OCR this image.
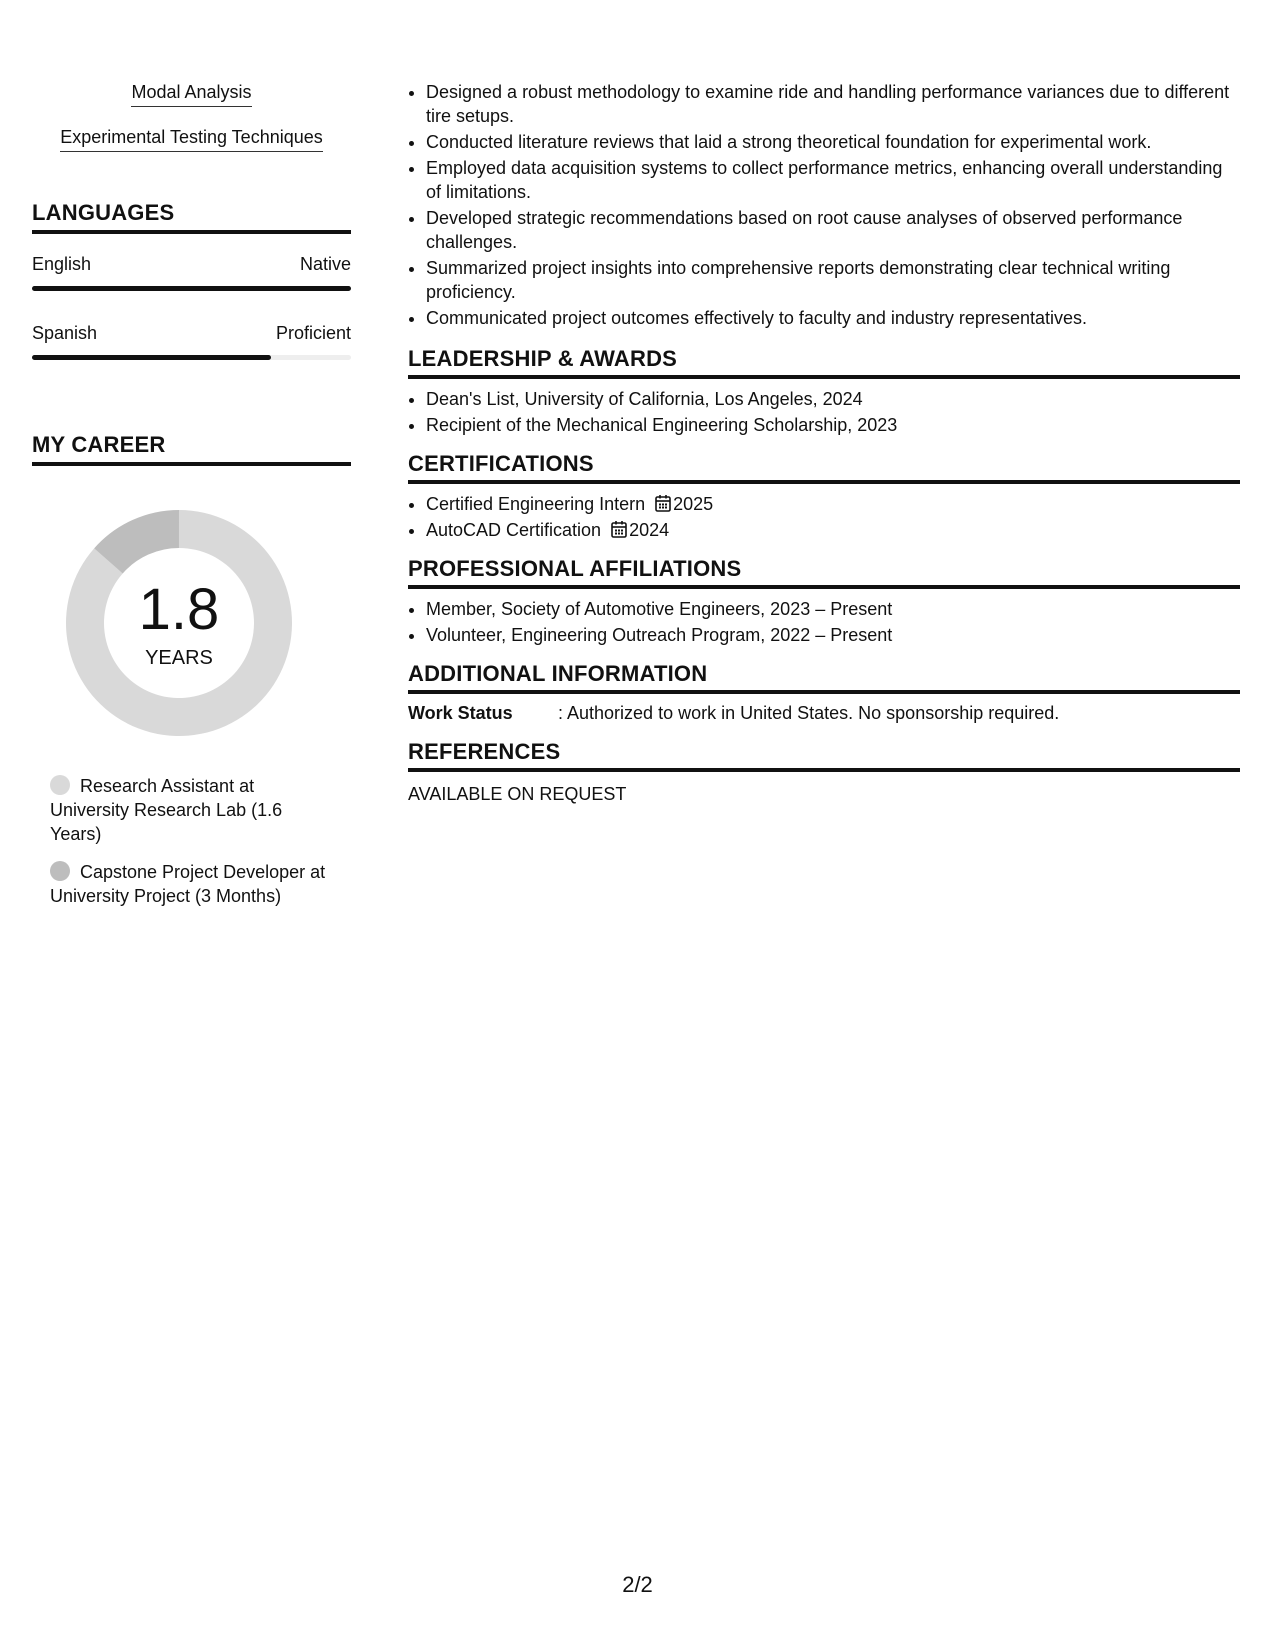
Modal Analysis
Experimental Testing Techniques
LANGUAGES
English	Native
Spanish	Proficient
MY CAREER
1.8
YEARS
Research Assistant at University Research Lab (1.6 Years)
Capstone Project Developer at University Project (3 Months)
• Designed a robust methodology to examine ride and handling performance variances due to different tire setups.
• Conducted literature reviews that laid a strong theoretical foundation for experimental work.
• Employed data acquisition systems to collect performance metrics, enhancing overall understanding of limitations.
• Developed strategic recommendations based on root cause analyses of observed performance challenges.
• Summarized project insights into comprehensive reports demonstrating clear technical writing proficiency.
• Communicated project outcomes effectively to faculty and industry representatives.
LEADERSHIP & AWARDS
• Dean's List, University of California, Los Angeles, 2024
• Recipient of the Mechanical Engineering Scholarship, 2023
CERTIFICATIONS
• Certified Engineering Intern 2025
• AutoCAD Certification 2024
PROFESSIONAL AFFILIATIONS
• Member, Society of Automotive Engineers, 2023 – Present
• Volunteer, Engineering Outreach Program, 2022 – Present
ADDITIONAL INFORMATION
Work Status	: Authorized to work in United States. No sponsorship required.
REFERENCES
AVAILABLE ON REQUEST
2/2
